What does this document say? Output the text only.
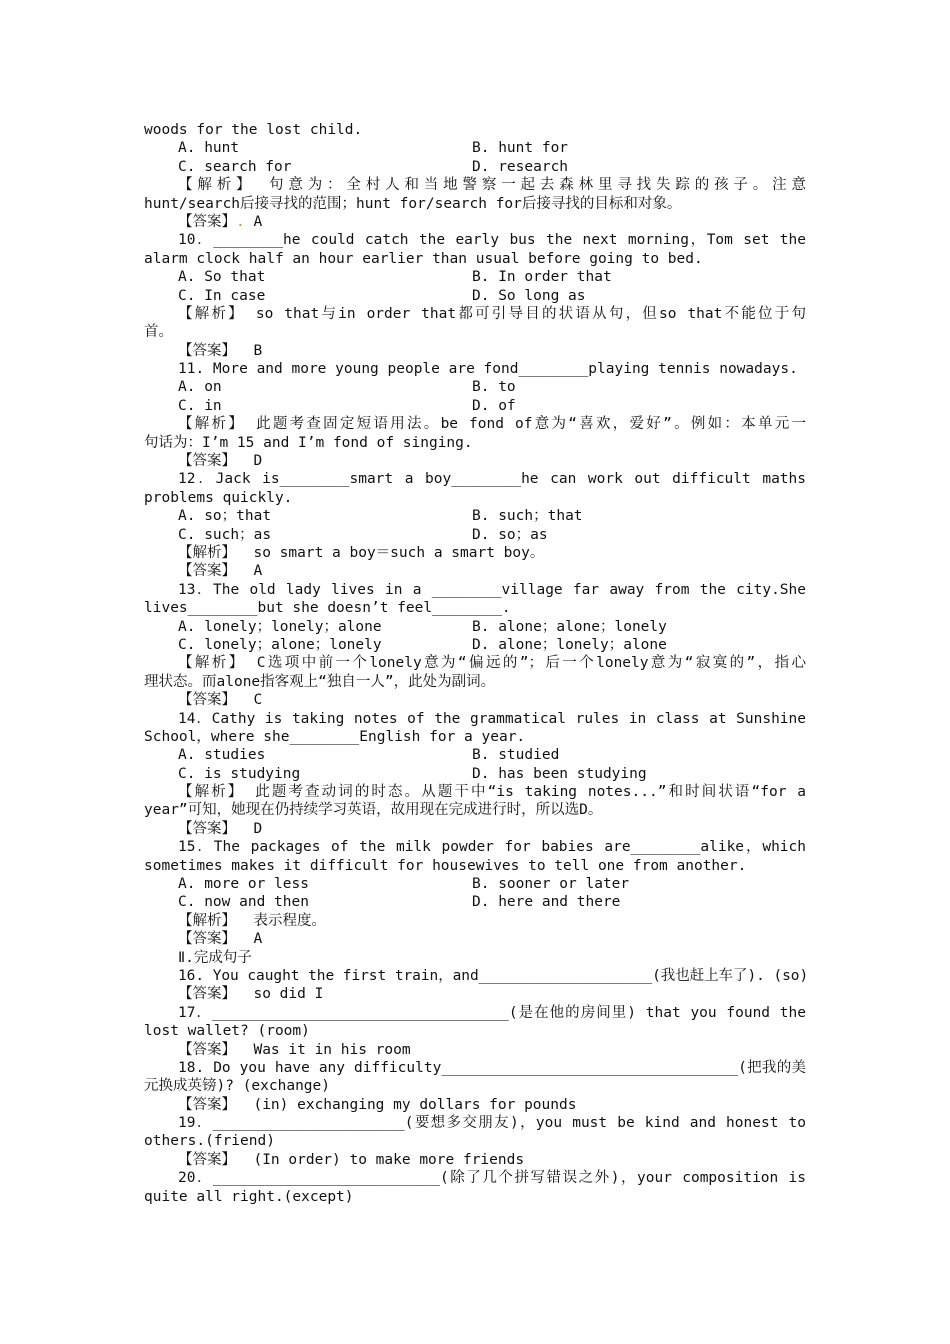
woods for the lost child.
A. hunt	B. hunt for
C. search for	D. research
【解析】 句意为：全村人和当地警察一起去森林里寻找失踪的孩子。注意
hunt/search后接寻找的范围；hunt for/search for后接寻找的目标和对象。
【答案】. A
10．________he could catch the early bus the next morning，Tom set the
alarm clock half an hour earlier than usual before going to bed.
A. So that	B. In order that
C. In case	D. So long as
【解析】 so that与in order that都可引导目的状语从句，但so that不能位于句
首。
【答案】  B
11. More and more young people are fond________playing tennis nowadays.
A. on	B. to
C. in	D. of
【解析】 此题考查固定短语用法。be fond of意为“喜欢，爱好”。例如：本单元一
句话为：I’m 15 and I’m fond of singing.
【答案】  D
12．Jack is________smart a boy________he can work out difficult maths
problems quickly.
A. so；that	B. such；that
C. such；as	D. so；as
【解析】  so smart a boy＝such a smart boy。
【答案】  A
13．The old lady lives in a ________village far away from the city.She
lives________but she doesn’t feel________.
A. lonely；lonely；alone	B. alone；alone；lonely
C. lonely；alone；lonely	D. alone；lonely；alone
【解析】 C选项中前一个lonely意为“偏远的”；后一个lonely意为“寂寞的”，指心
理状态。而alone指客观上“独自一人”，此处为副词。
【答案】  C
14．Cathy is taking notes of the grammatical rules in class at Sunshine
School，where she________English for a year.
A. studies	B. studied
C. is studying	D. has been studying
【解析】 此题考查动词的时态。从题干中“is taking notes...”和时间状语“for a
year”可知，她现在仍持续学习英语，故用现在完成进行时，所以选D。
【答案】  D
15．The packages of the milk powder for babies are________alike，which
sometimes makes it difficult for housewives to tell one from another.
A. more or less	B. sooner or later
C. now and then	D. here and there
【解析】  表示程度。
【答案】  A
Ⅱ.完成句子
16. You caught the first train，and____________________(我也赶上车了). (so)
【答案】  so did I
17．__________________________________(是在他的房间里) that you found the
lost wallet? (room)
【答案】  Was it in his room
18. Do you have any difficulty__________________________________(把我的美
元换成英镑)? (exchange)
【答案】  (in) exchanging my dollars for pounds
19．______________________(要想多交朋友)，you must be kind and honest to
others.(friend)
【答案】  (In order) to make more friends
20．__________________________(除了几个拼写错误之外)，your composition is
quite all right.(except)
